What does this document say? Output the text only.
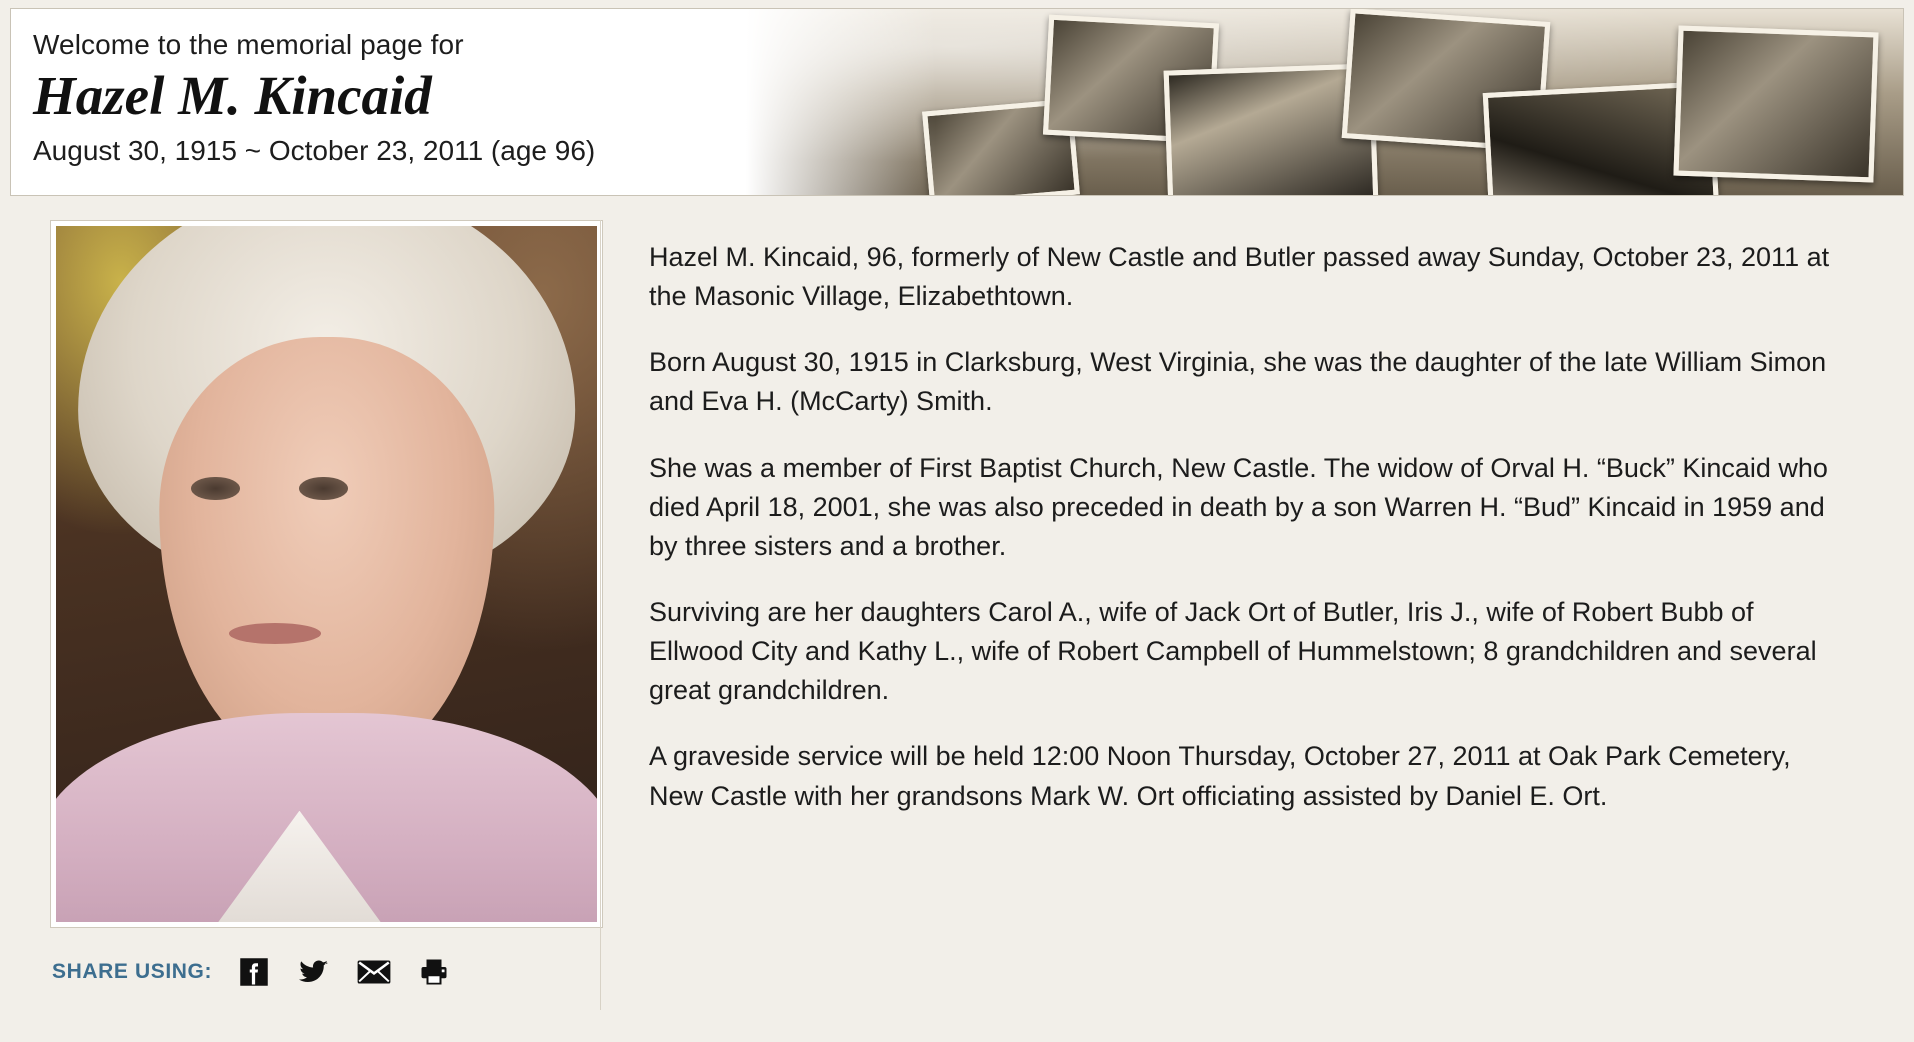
Welcome to the memorial page for
Hazel M. Kincaid
August 30, 1915 ~ October 23, 2011 (age 96)
SHARE USING:

Hazel M. Kincaid, 96, formerly of New Castle and Butler passed away Sunday, October 23, 2011 at the Masonic Village, Elizabethtown.

Born August 30, 1915 in Clarksburg, West Virginia, she was the daughter of the late William Simon and Eva H. (McCarty) Smith.

She was a member of First Baptist Church, New Castle. The widow of Orval H. “Buck” Kincaid who died April 18, 2001, she was also preceded in death by a son Warren H. “Bud” Kincaid in 1959 and by three sisters and a brother.

Surviving are her daughters Carol A., wife of Jack Ort of Butler, Iris J., wife of Robert Bubb of Ellwood City and Kathy L., wife of Robert Campbell of Hummelstown; 8 grandchildren and several great grandchildren.

A graveside service will be held 12:00 Noon Thursday, October 27, 2011 at Oak Park Cemetery, New Castle with her grandsons Mark W. Ort officiating assisted by Daniel E. Ort.
